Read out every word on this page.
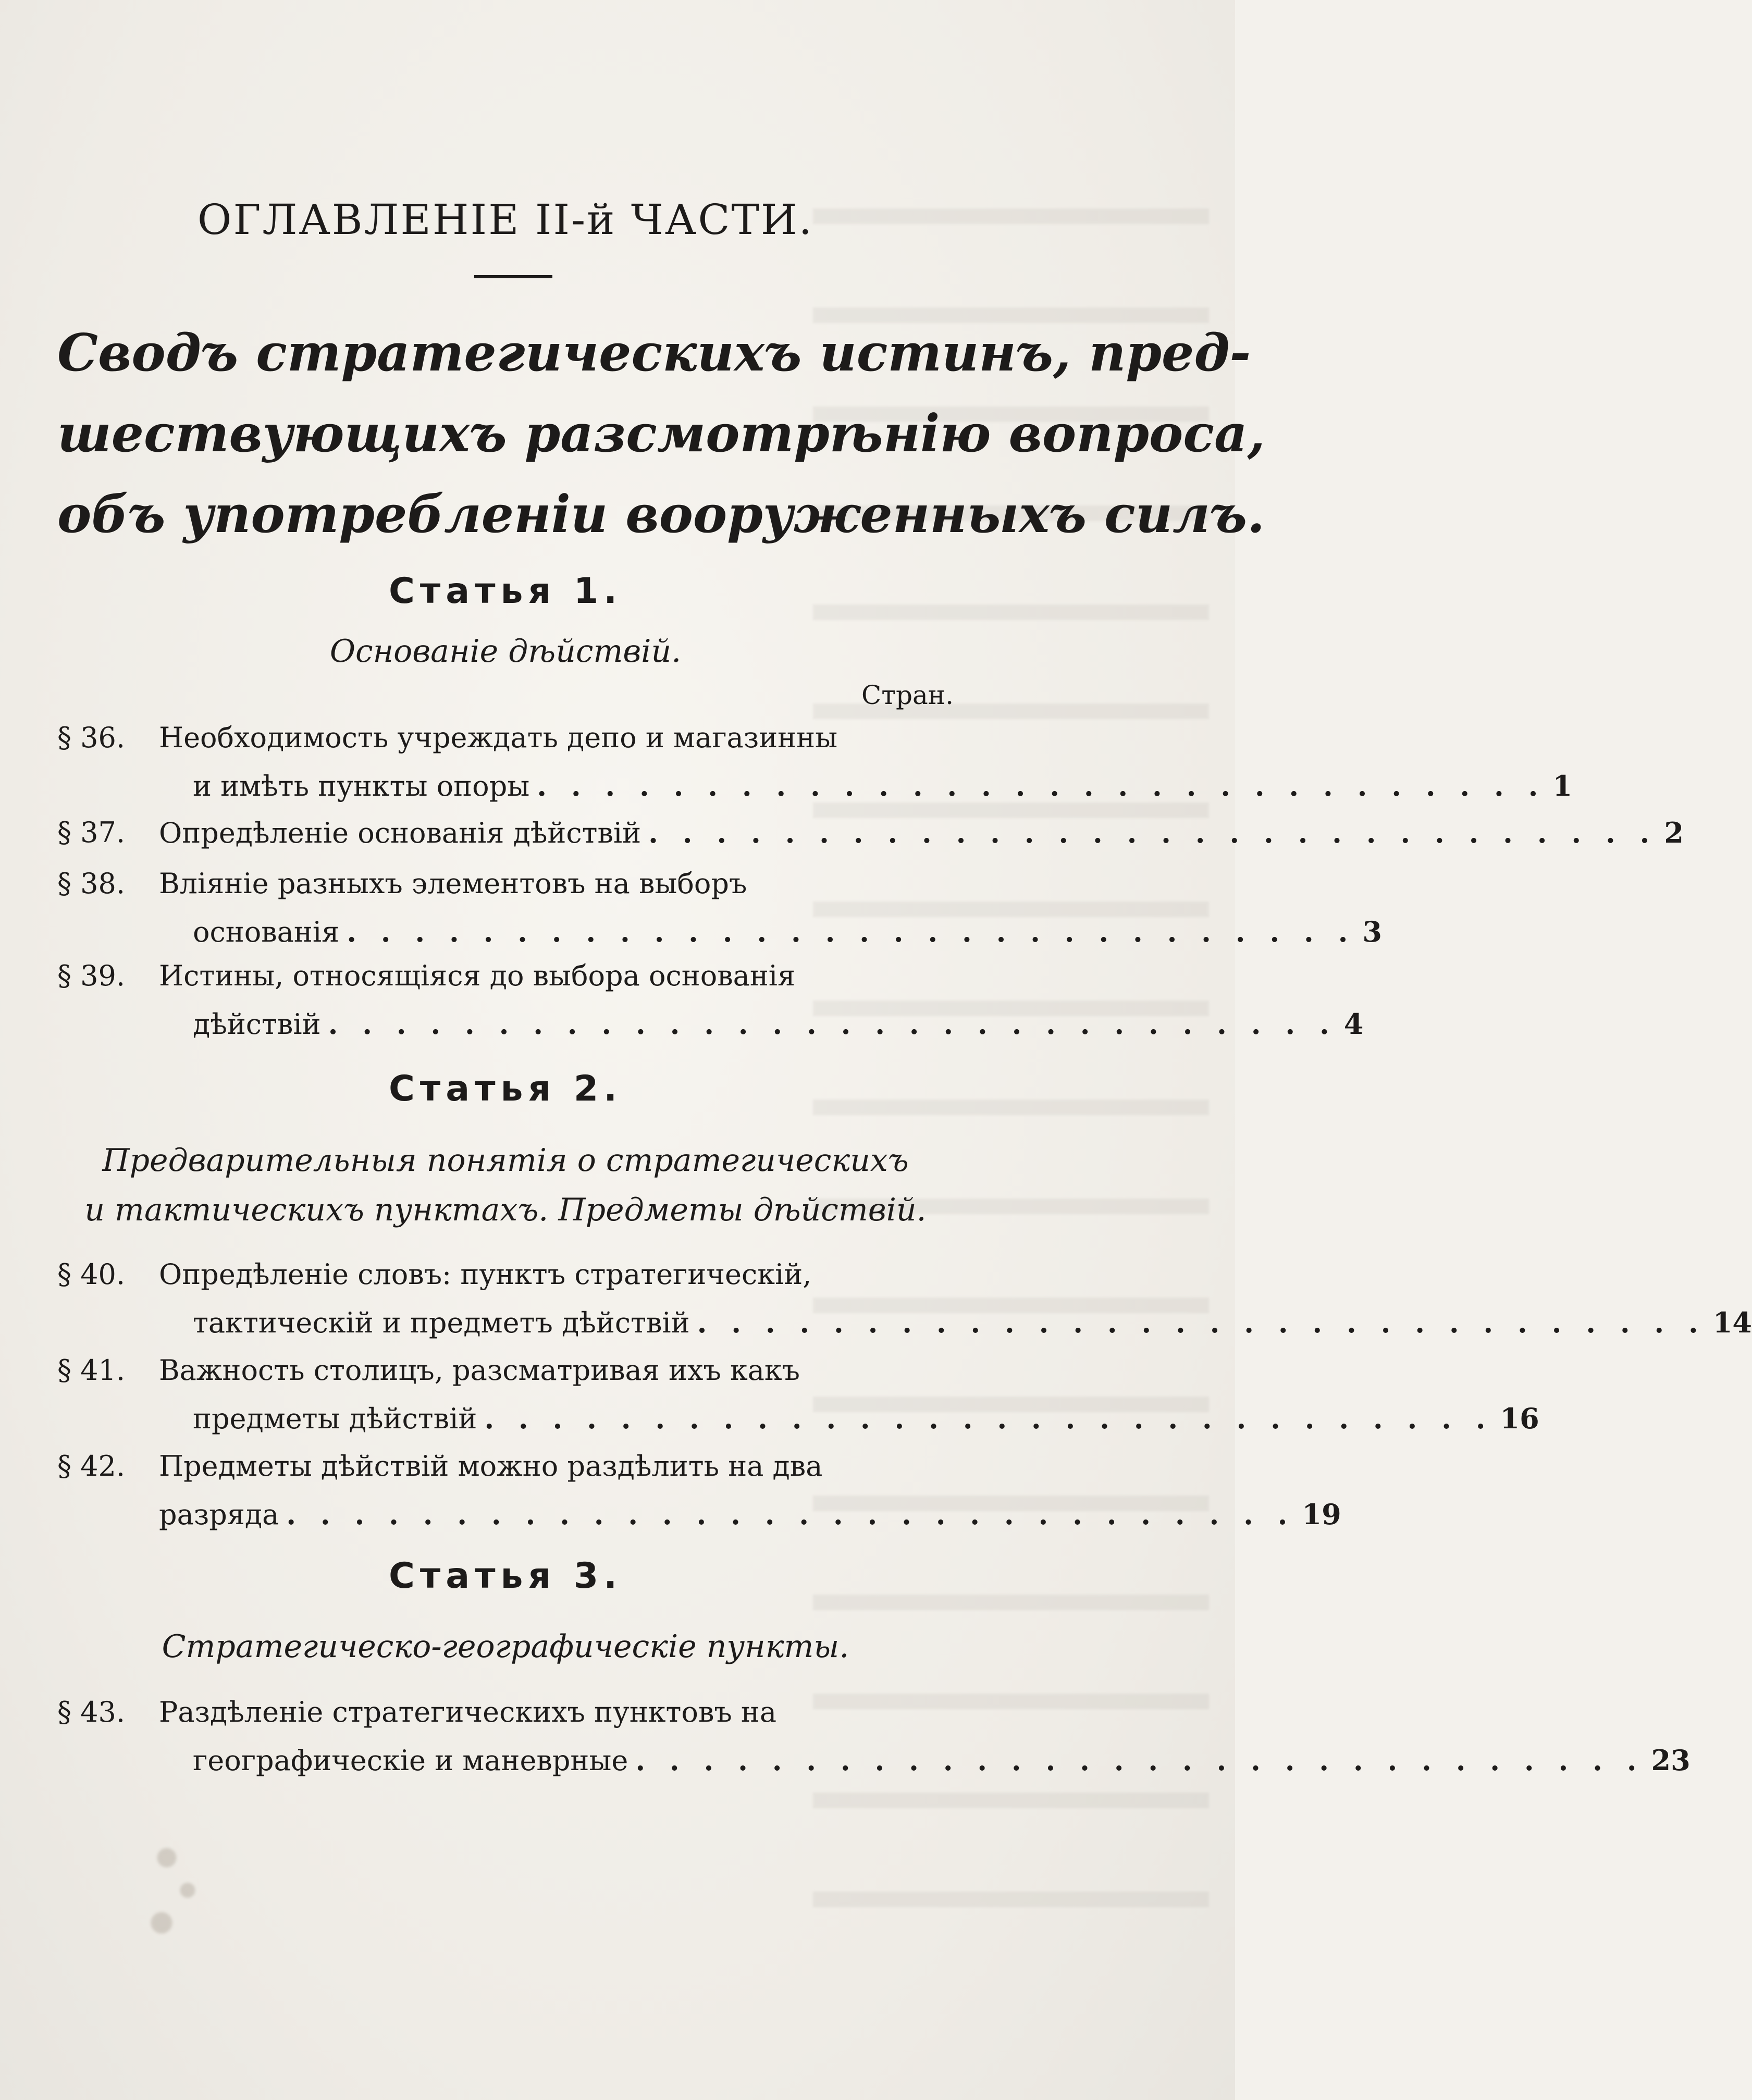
ОГЛАВЛЕНІЕ II-й ЧАСТИ.
Сводъ стратегическихъ истинъ, пред-
шествующихъ разсмотрѣнію вопроса,
объ употребленіи вооруженныхъ силъ.
Статья 1.

Основаніе дѣйствій.

Стран.
§ 36. Необходимость учреждать депо и магазинны
и имѣть пункты опоры . . . . . . . . . . . . . . . . . . . . . . . . . . . . . . 1
§ 37. Опредѣленіе основанія дѣйствій . . . . . . . . . . . . . . . . . . . . . . . . . . . . . . 2
§ 38. Вліяніе разныхъ элементовъ на выборъ
основанія . . . . . . . . . . . . . . . . . . . . . . . . . . . . . . 3
§ 39. Истины, относящіяся до выбора основанія
дѣйствій . . . . . . . . . . . . . . . . . . . . . . . . . . . . . . 4
Статья 2.

Предварительныя понятія о стратегическихъ
и тактическихъ пунктахъ. Предметы дѣйствій.

§ 40. Опредѣленіе словъ: пунктъ стратегическій,
тактическій и предметъ дѣйствій . . . . . . . . . . . . . . . . . . . . . . . . . . . . . . 14
§ 41. Важность столицъ, разсматривая ихъ какъ
предметы дѣйствій . . . . . . . . . . . . . . . . . . . . . . . . . . . . . . 16
§ 42. Предметы дѣйствій можно раздѣлить на два
разряда . . . . . . . . . . . . . . . . . . . . . . . . . . . . . . 19
Статья 3.

Стратегическо-географическіе пункты.

§ 43. Раздѣленіе стратегическихъ пунктовъ на
географическіе и маневрные . . . . . . . . . . . . . . . . . . . . . . . . . . . . . . 23
